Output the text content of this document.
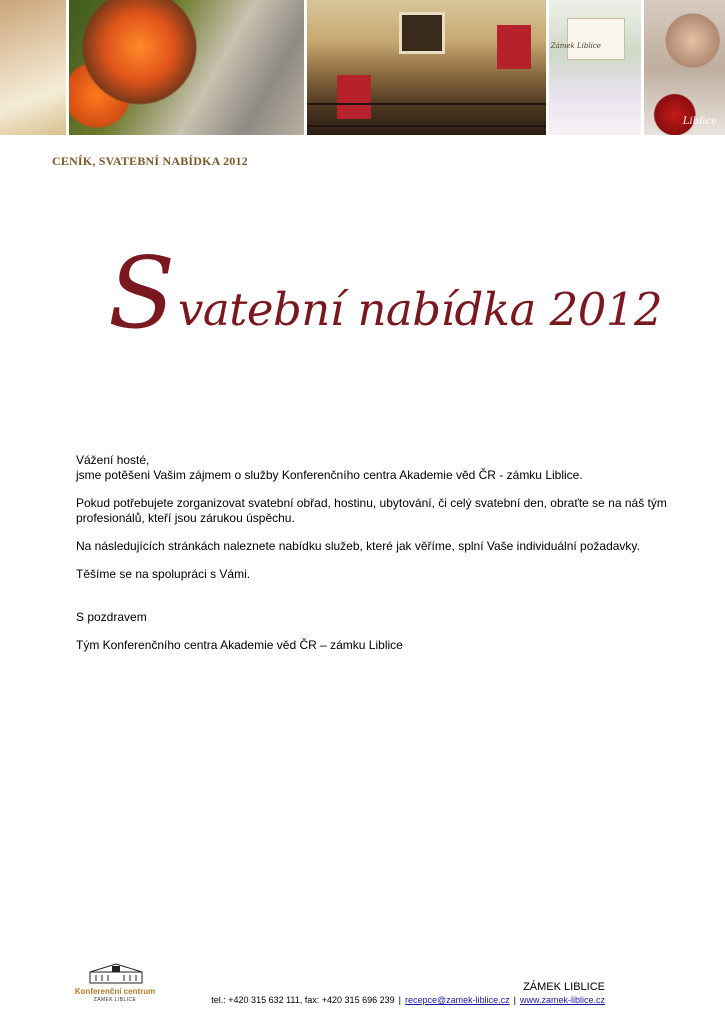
Zámek Liblice
Liblice
CENÍK, SVATEBNÍ NABÍDKA 2012
S vatební nabídka 2012

Vážení hosté,

jsme potěšeni Vašim zájmem o služby Konferenčního centra Akademie věd ČR - zámku Liblice.

Pokud potřebujete zorganizovat svatební obřad, hostinu, ubytování, či celý svatební den, obraťte se na náš tým profesionálů, kteří jsou zárukou úspěchu.

Na následujících stránkách naleznete nabídku služeb, které jak věříme, splní Vaše individuální požadavky.

Těšíme se na spolupráci s Vámi.

S pozdravem

Tým Konferenčního centra Akademie věd ČR – zámku Liblice

Konferenční centrum
ZÁMEK LIBLICE
ZÁMEK LIBLICE
tel.: +420 315 632 111, fax: +420 315 696 239 | recepce@zamek-liblice.cz | www.zamek-liblice.cz
